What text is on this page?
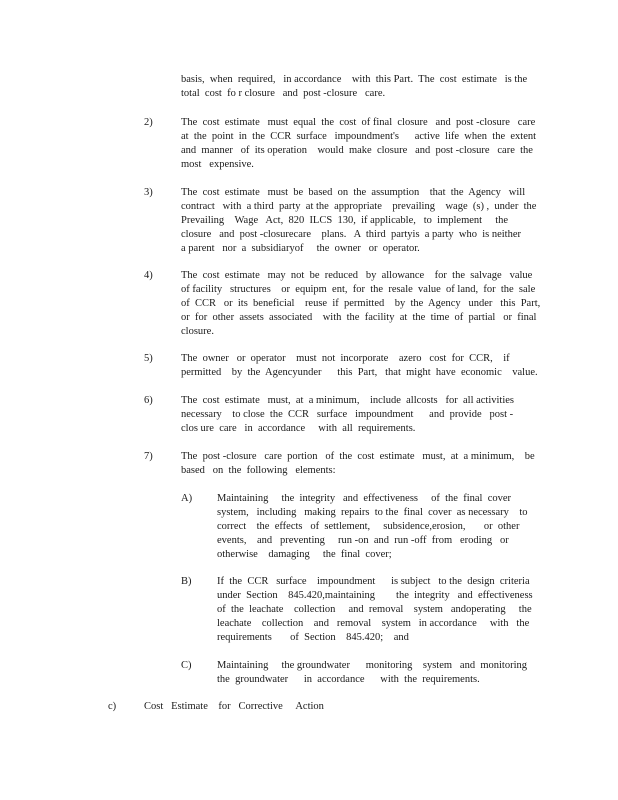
basis,  when  required,   in accordance    with  this Part.  The  cost  estimate   is the
total  cost  fo r closure   and  post -closure   care.
2)	The  cost  estimate   must  equal  the  cost  of final  closure   and  post -closure   care
at  the  point  in  the  CCR  surface   impoundment's      active  life  when  the  extent
and  manner   of  its operation    would  make  closure   and  post -closure   care  the
most   expensive.
3)	The  cost  estimate   must  be  based  on  the  assumption    that  the  Agency   will
contract   with  a third  party  at the  appropriate    prevailing    wage  (s) ,  under  the
Prevailing    Wage   Act,  820  ILCS  130,  if applicable,   to  implement     the
closure   and  post -closurecare    plans.   A  third  partyis  a party  who  is neither
a parent   nor  a  subsidiaryof     the  owner   or  operator.
4)	The  cost  estimate   may  not  be  reduced   by  allowance    for  the  salvage   value
of facility   structures    or  equipm  ent,  for  the  resale  value  of land,  for  the  sale
of  CCR   or  its  beneficial    reuse  if  permitted    by  the  Agency   under   this  Part,
or  for  other  assets  associated    with  the  facility  at  the  time  of  partial   or  final
closure.
5)	The  owner   or  operator    must  not  incorporate    azero   cost  for  CCR,    if
permitted    by  the  Agencyunder      this  Part,   that  might  have  economic    value.
6)	The  cost  estimate   must,  at  a minimum,    include  allcosts   for  all activities
necessary    to close  the  CCR   surface   impoundment      and  provide   post -
clos ure  care   in  accordance     with  all  requirements.
7)	The  post -closure   care  portion   of  the  cost  estimate   must,  at  a minimum,    be
based   on  the  following   elements:
A) Maintaining     the  integrity   and  effectiveness     of  the  final  cover
system,   including   making  repairs  to the  final  cover  as necessary    to
correct    the  effects   of  settlement,     subsidence,erosion,       or  other
events,    and   preventing     run -on  and  run -off  from   eroding   or
otherwise    damaging     the  final  cover;
B) If  the  CCR   surface    impoundment      is subject   to the  design  criteria
under  Section    845.420,maintaining        the  integrity   and  effectiveness
of  the  leachate    collection     and  removal    system   andoperating     the
leachate    collection    and   removal    system   in accordance     with   the
requirements       of  Section    845.420;    and
C) Maintaining     the groundwater      monitoring    system   and  monitoring
the  groundwater      in  accordance      with  the  requirements.
c)	Cost   Estimate    for   Corrective     Action
